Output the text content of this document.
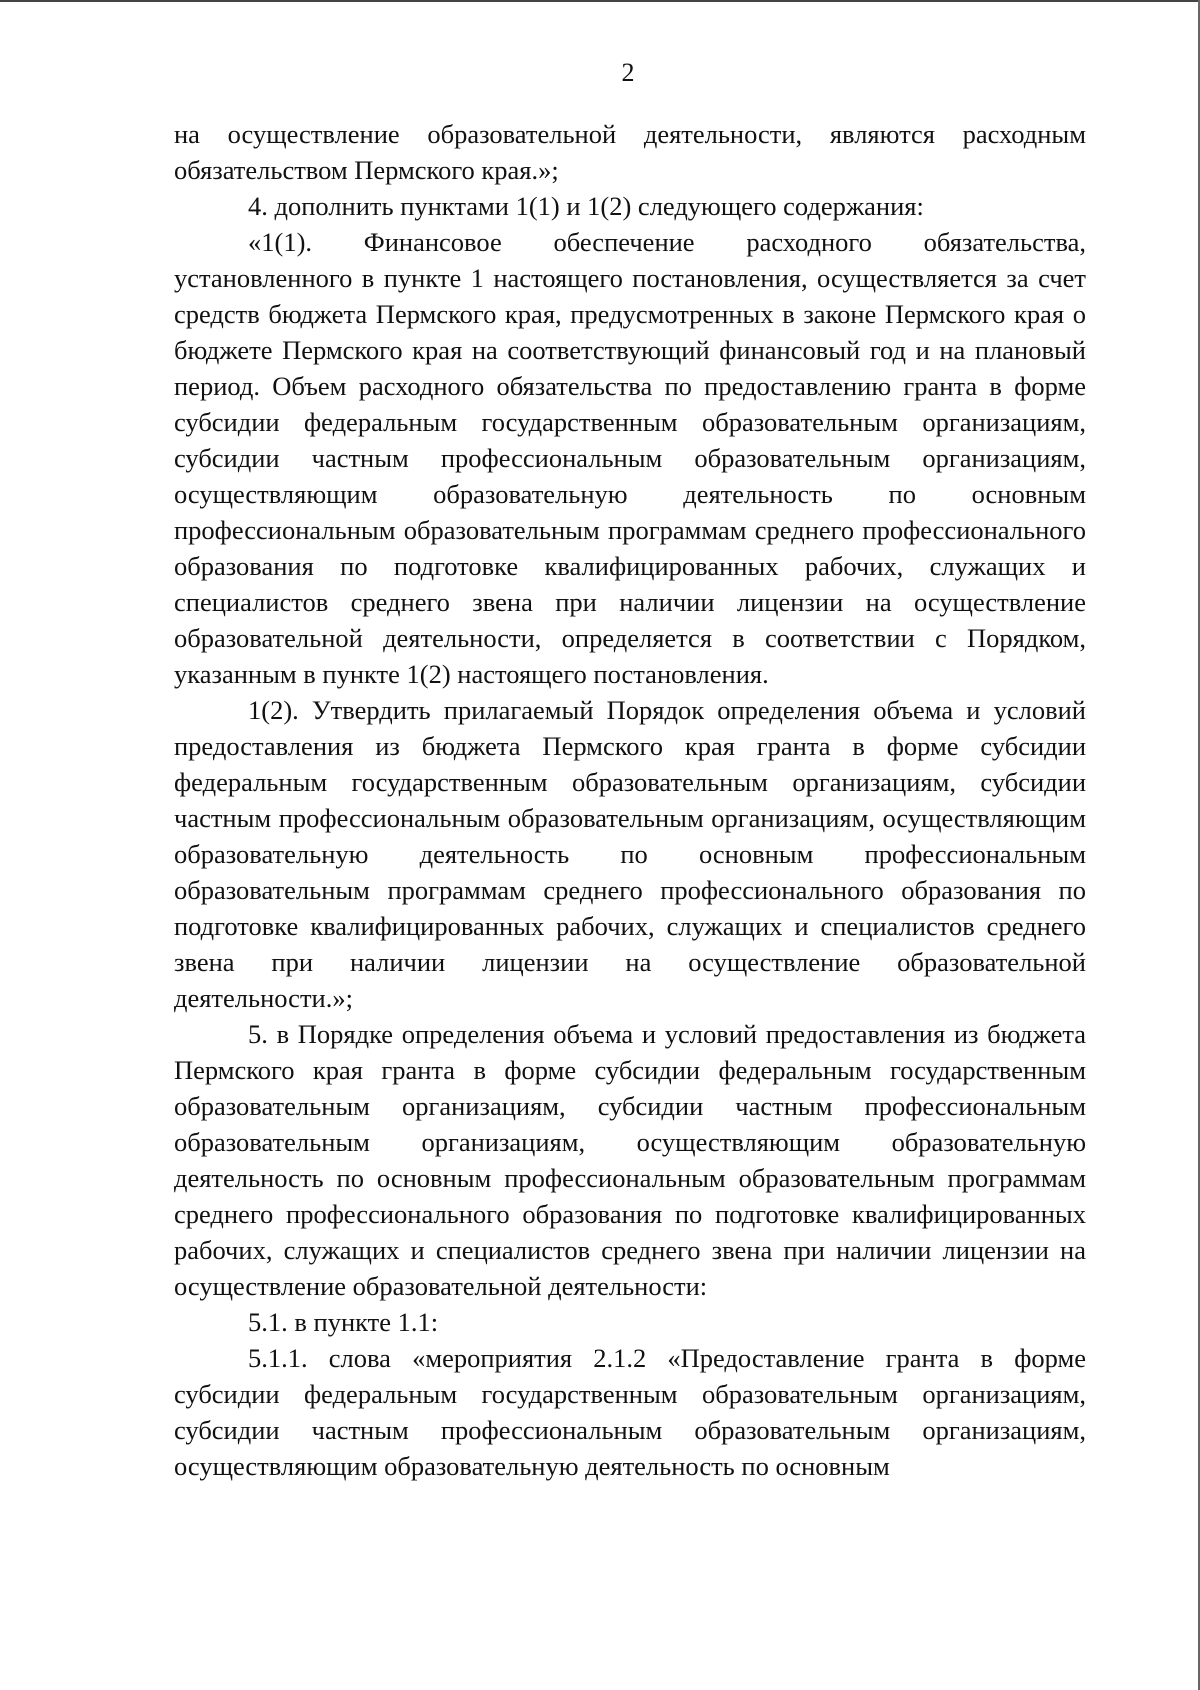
2

на осуществление образовательной деятельности, являются расходным обязательством Пермского края.»;

4. дополнить пунктами 1(1) и 1(2) следующего содержания:

«1(1). Финансовое обеспечение расходного обязательства, установленного в пункте 1 настоящего постановления, осуществляется за счет средств бюджета Пермского края, предусмотренных в законе Пермского края о бюджете Пермского края на соответствующий финансовый год и на плановый период. Объем расходного обязательства по предоставлению гранта в форме субсидии федеральным государственным образовательным организациям, субсидии частным профессиональным образовательным организациям, осуществляющим образовательную деятельность по основным профессиональным образовательным программам среднего профессионального образования по подготовке квалифицированных рабочих, служащих и специалистов среднего звена при наличии лицензии на осуществление образовательной деятельности, определяется в соответствии с Порядком, указанным в пункте 1(2) настоящего постановления.

1(2). Утвердить прилагаемый Порядок определения объема и условий предоставления из бюджета Пермского края гранта в форме субсидии федеральным государственным образовательным организациям, субсидии частным профессиональным образовательным организациям, осуществляющим образовательную деятельность по основным профессиональным образовательным программам среднего профессионального образования по подготовке квалифицированных рабочих, служащих и специалистов среднего звена при наличии лицензии на осуществление образовательной деятельности.»;

5. в Порядке определения объема и условий предоставления из бюджета Пермского края гранта в форме субсидии федеральным государственным образовательным организациям, субсидии частным профессиональным образовательным организациям, осуществляющим образовательную деятельность по основным профессиональным образовательным программам среднего профессионального образования по подготовке квалифицированных рабочих, служащих и специалистов среднего звена при наличии лицензии на осуществление образовательной деятельности:

5.1. в пункте 1.1:

5.1.1. слова «мероприятия 2.1.2 «Предоставление гранта в форме субсидии федеральным государственным образовательным организациям, субсидии частным профессиональным образовательным организациям, осуществляющим образовательную деятельность по основным
